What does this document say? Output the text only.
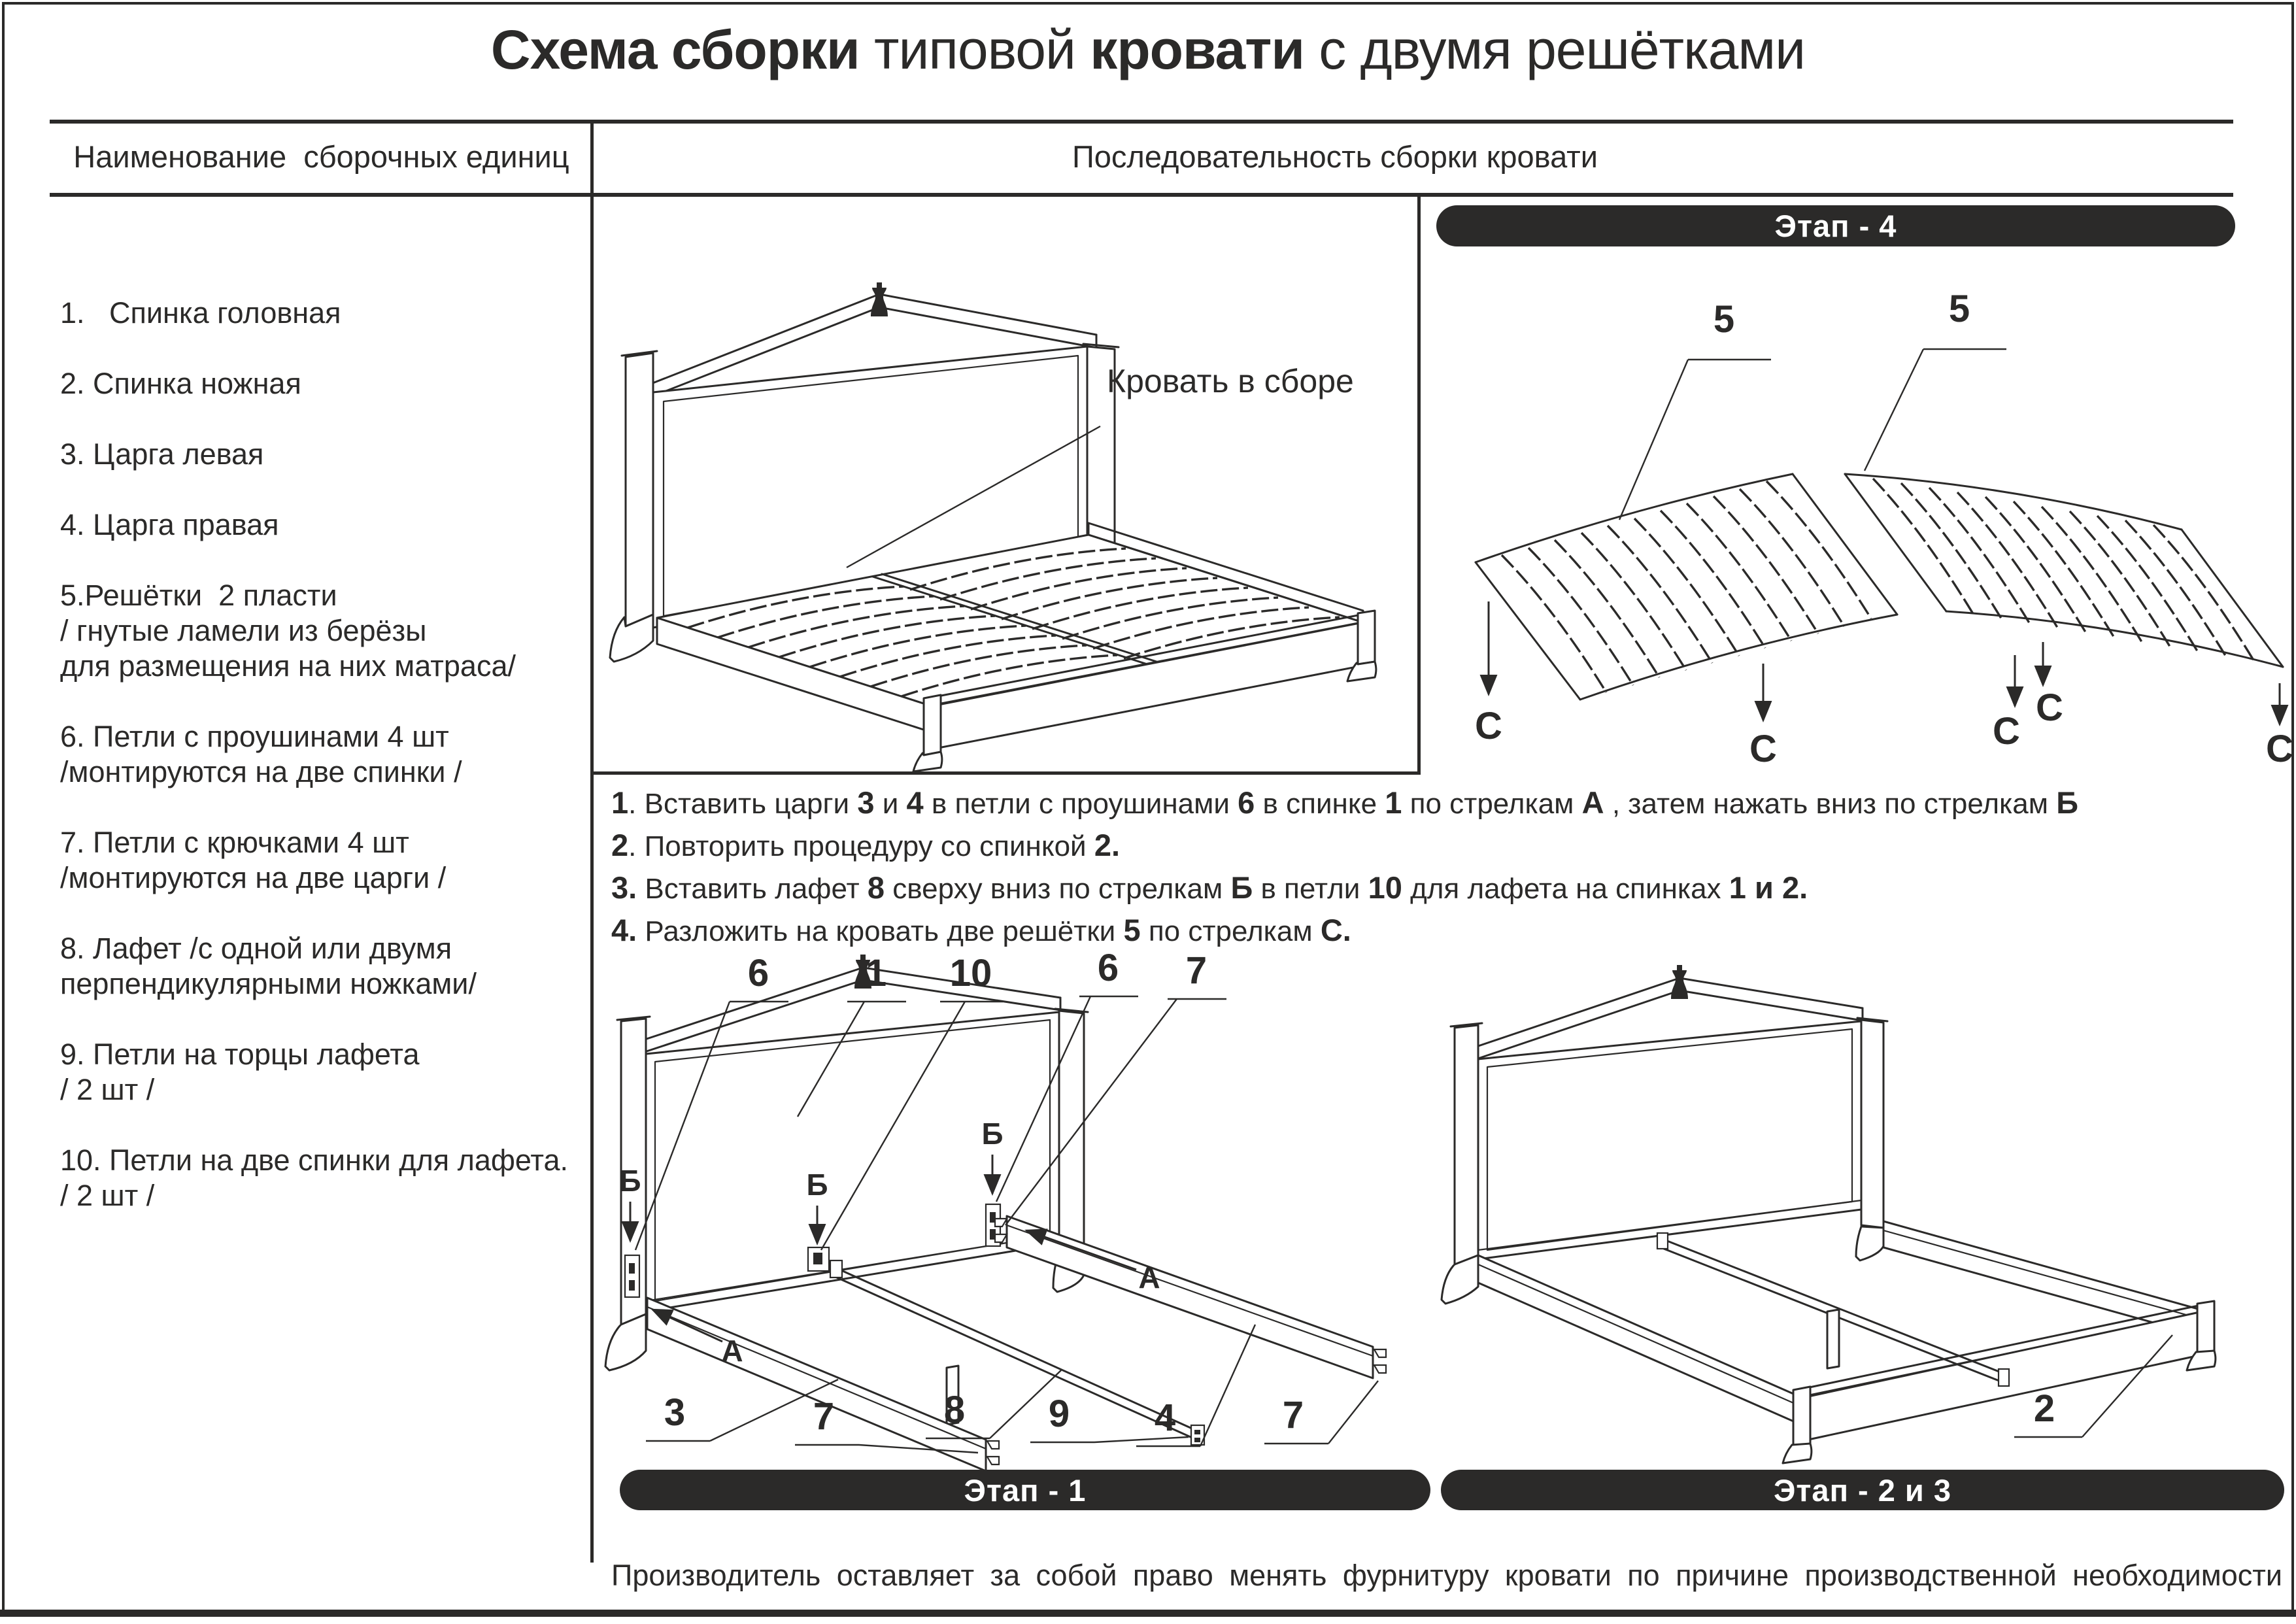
Схема сборки типовой кровати с двумя решётками
Наименование  сборочных единиц	Последовательность сборки кровати
1.   Спинка головная
2. Спинка ножная
3. Царга левая
4. Царга правая
5.Решётки  2 пласти
/ гнутые ламели из берёзы
для размещения на них матраса/
6. Петли с проушинами 4 шт
/монтируются на две спинки /
7. Петли с крючками 4 шт
/монтируются на две царги /
8. Лафет /с одной или двумя
перпендикулярными ножками/
9. Петли на торцы лафета
/ 2 шт /
10. Петли на две спинки для лафета.
/ 2 шт /
Кровать в сборе
Этап - 4
5	5
С
С	С
С
С
1. Вставить царги 3 и 4 в петли с проушинами 6 в спинке 1 по стрелкам А , затем нажать вниз по стрелкам Б
2. Повторить процедуру со спинкой 2.
3. Вставить лафет 8 сверху вниз по стрелкам Б в петли 10 для лафета на спинках 1 и 2.
4. Разложить на кровать две решётки 5 по стрелкам С.
А
А
Б	Б
Б
6	1 10	6 7
3	7	8 9 4	7	2
Этап - 1	Этап - 2 и 3
Производитель оставляет за собой право менять фурнитуру кровати по причине производственной необходимости
